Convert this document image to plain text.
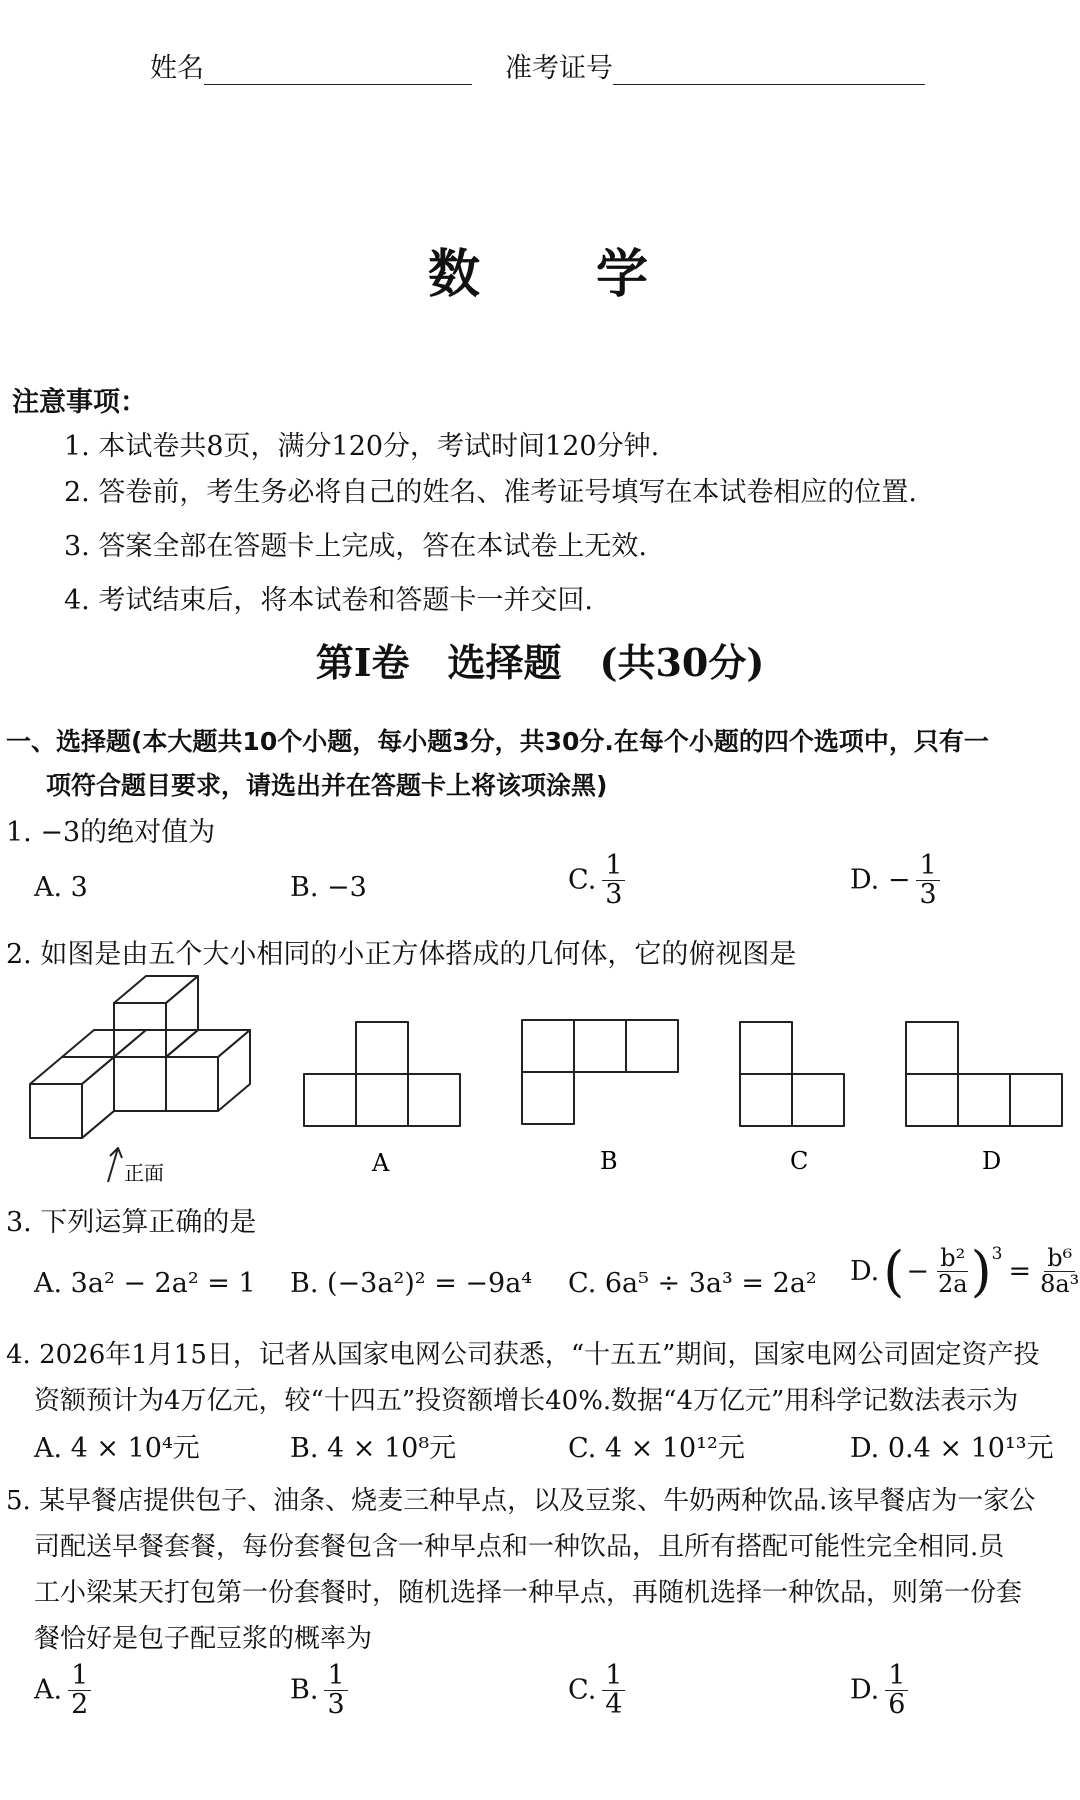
姓名	准考证号
数　　学
注意事项：
1. 本试卷共8页，满分120分，考试时间120分钟.
2. 答卷前，考生务必将自己的姓名、准考证号填写在本试卷相应的位置.
3. 答案全部在答题卡上完成，答在本试卷上无效.
4. 考试结束后，将本试卷和答题卡一并交回.
第Ⅰ卷　选择题　(共30分)
一、选择题(本大题共10个小题，每小题3分，共30分.在每个小题的四个选项中，只有一
项符合题目要求，请选出并在答题卡上将该项涂黑)
1. −3的绝对值为
A. 3	B. −3	C. $\frac{1}{3}$	D. − $\frac{1}{3}$
2. 如图是由五个大小相同的小正方体搭成的几何体，它的俯视图是
正面	A	B	C	D
3. 下列运算正确的是
A. 3a² − 2a² = 1 B. (−3a²)² = −9a⁴ C. 6a⁵ ÷ 3a³ = 2a² D. ( − $\frac{\text{b²}}{2a}$ ) 3
= $\frac{\text{b⁶}}{\text{8a³}}$
4. 2026年1月15日，记者从国家电网公司获悉，“十五五”期间，国家电网公司固定资产投
资额预计为4万亿元，较“十四五”投资额增长40%.数据“4万亿元”用科学记数法表示为
A. 4 × 10⁴元	B. 4 × 10⁸元	C. 4 × 10¹²元	D. 0.4 × 10¹³元
5. 某早餐店提供包子、油条、烧麦三种早点，以及豆浆、牛奶两种饮品.该早餐店为一家公
司配送早餐套餐，每份套餐包含一种早点和一种饮品，且所有搭配可能性完全相同.员
工小梁某天打包第一份套餐时，随机选择一种早点，再随机选择一种饮品，则第一份套
餐恰好是包子配豆浆的概率为
A. $\frac{1}{2}$	B. $\frac{1}{3}$	C. $\frac{1}{4}$	D. $\frac{1}{6}$
